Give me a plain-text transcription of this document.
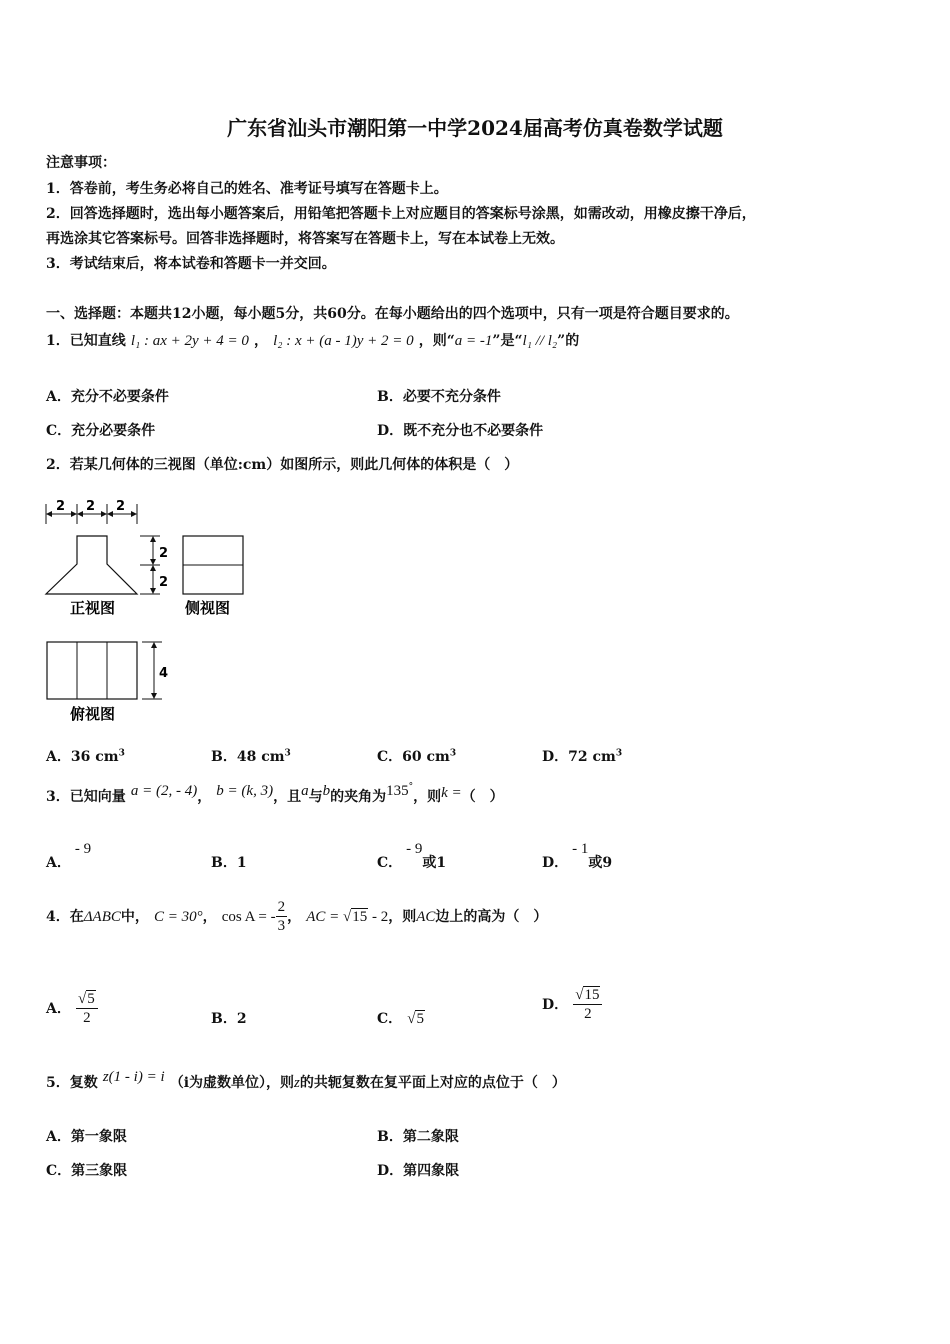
广东省汕头市潮阳第一中学2024届高考仿真卷数学试题
注意事项：
1．答卷前，考生务必将自己的姓名、准考证号填写在答题卡上。
2．回答选择题时，选出每小题答案后，用铅笔把答题卡上对应题目的答案标号涂黑，如需改动，用橡皮擦干净后，
再选涂其它答案标号。回答非选择题时，将答案写在答题卡上，写在本试卷上无效。
3．考试结束后，将本试卷和答题卡一并交回。
一、选择题：本题共12小题，每小题5分，共60分。在每小题给出的四个选项中，只有一项是符合题目要求的。
1．已知直线 l₁ : ax + 2y + 4 = 0 ， l₂ : x + (a - 1)y + 2 = 0 ，则“a = -1”是“l₁ // l₂”的
A．充分不必要条件	B．必要不充分条件
C．充分必要条件	D．既不充分也不必要条件
2．若某几何体的三视图（单位:cm）如图所示，则此几何体的体积是（　）
2 2 2
2
2
4
正视图	侧视图
俯视图
A．36 $cm^3$	B．48 $cm^3$	C．60 $cm^3$	D．72 $cm^3$
3．已知向量 a = (2, - 4)， b = (k, 3)，且a与b的夹角为135°，则k =（　）
A．- 9
B．1	C．- 9或1	D．- 1或9
4．在ΔABC中， C = 30°， cos A = - $\frac{2}{3}$ ， AC = √15 - 2，则AC边上的高为（　）
A． $\frac{√5}{2}$	B．2	C． √5
D． $\frac{√15}{2}$
5．复数 z(1 - i) = i （i为虚数单位），则z的共轭复数在复平面上对应的点位于（　）
A．第一象限	B．第二象限
C．第三象限	D．第四象限
